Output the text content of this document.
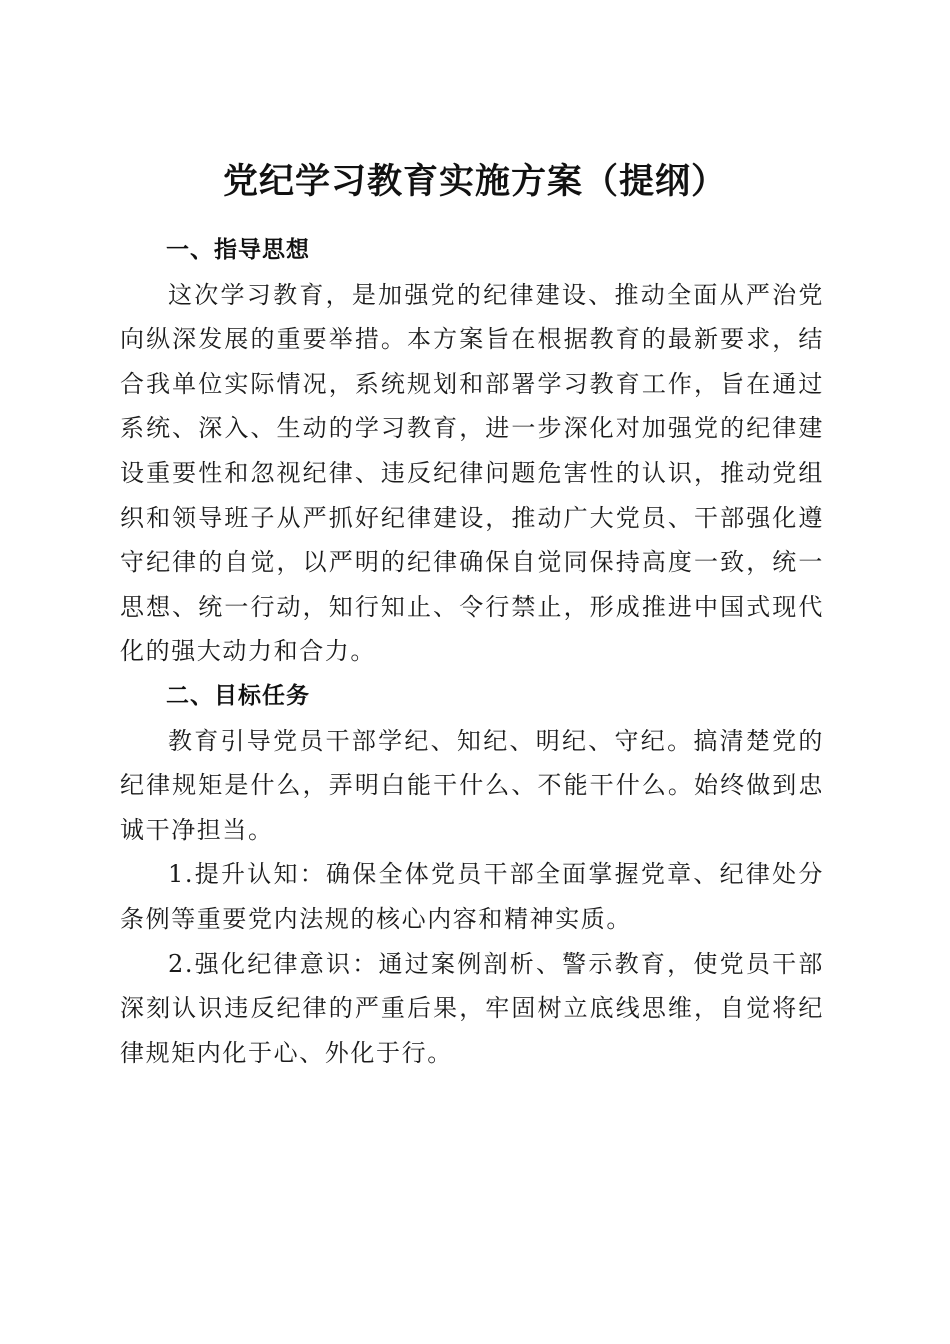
党纪学习教育实施方案（提纲）
一、指导思想

这次学习教育，是加强党的纪律建设、推动全面从严治党向纵深发展的重要举措。本方案旨在根据教育的最新要求，结合我单位实际情况，系统规划和部署学习教育工作，旨在通过系统、深入、生动的学习教育，进一步深化对加强党的纪律建设重要性和忽视纪律、违反纪律问题危害性的认识，推动党组织和领导班子从严抓好纪律建设，推动广大党员、干部强化遵守纪律的自觉，以严明的纪律确保自觉同保持高度一致，统一思想、统一行动，知行知止、令行禁止，形成推进中国式现代化的强大动力和合力。

二、目标任务

教育引导党员干部学纪、知纪、明纪、守纪。搞清楚党的纪律规矩是什么，弄明白能干什么、不能干什么。始终做到忠诚干净担当。

1.提升认知：确保全体党员干部全面掌握党章、纪律处分条例等重要党内法规的核心内容和精神实质。

2.强化纪律意识：通过案例剖析、警示教育，使党员干部深刻认识违反纪律的严重后果，牢固树立底线思维，自觉将纪律规矩内化于心、外化于行。
